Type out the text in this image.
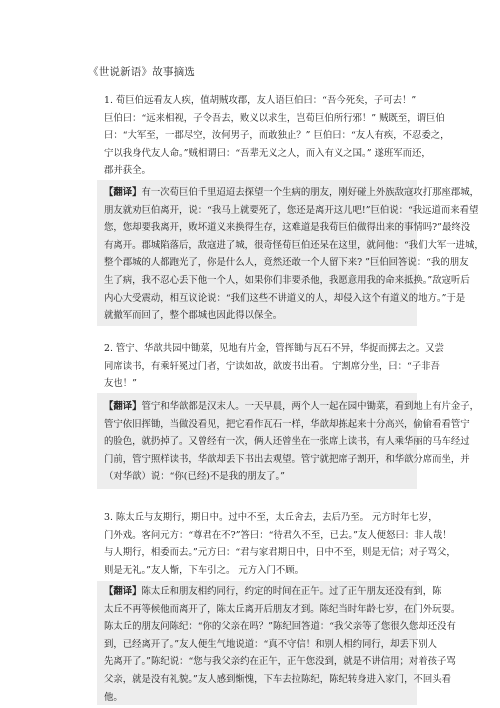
《世说新语》故事摘选
1. 荀巨伯远看友人疾，值胡贼攻郡，友人语巨伯曰：“吾今死矣，子可去！”
巨伯曰：“远来相视，子令吾去，败义以求生，岂荀巨伯所行邪！” 贼既至，谓巨伯
曰：“大军至，一郡尽空，汝何男子，而敢独止？” 巨伯曰：“友人有疾，不忍委之，
宁以我身代友人命。”贼相谓曰：“吾辈无义之人，而入有义之国。” 遂班军而还，
郡并获全。
【翻译】有一次荀巨伯千里迢迢去探望一个生病的朋友，刚好碰上外族敌寇攻打那座郡城，
朋友就劝巨伯离开，说：“我马上就要死了，您还是离开这儿吧!”巨伯说：“我远道而来看望
您，您却要我离开，败坏道义来换得生存，这难道是我荀巨伯做得出来的事情吗?”最终没
有离开。郡城陷落后，敌寇进了城，很奇怪荀巨伯还呆在这里，就问他：“我们大军一进城，
整个郡城的人都跑光了，你是什么人，竟然还敢一个人留下来? ”巨伯回答说：“我的朋友
生了病，我不忍心丢下他一个人，如果你们非要杀他，我愿意用我的命来抵换。”敌寇听后
内心大受震动，相互议论说：“我们这些不讲道义的人，却侵入这个有道义的地方。”于是
就撤军而回了，整个郡城也因此得以保全。
2. 管宁、华歆共园中锄菜，见地有片金，管挥锄与瓦石不异，华捉而掷去之。又尝
同席读书，有乘轩冕过门者，宁读如故，歆废书出看。 宁割席分坐，曰：“子非吾
友也！”
【翻译】管宁和华歆都是汉末人。一天早晨，两个人一起在园中锄菜，看到地上有片金子，
管宁依旧挥锄，当做没看见，把它看作瓦石一样，华歆却拣起来十分高兴，偷偷看看管宁
的脸色，就扔掉了。又曾经有一次，俩人还曾坐在一张席上读书，有人乘华丽的马车经过
门前，管宁照样读书，华歆却丢下书出去观望。管宁就把席子割开，和华歆分席而坐，并
（对华歆）说：“你(已经)不是我的朋友了。”
3. 陈太丘与友期行，期日中。过中不至，太丘舍去，去后乃至。 元方时年七岁，
门外戏。客问元方：“尊君在不?”答曰：“待君久不至，已去。”友人便怒曰：非人哉！
与人期行，相委而去。”元方曰：“君与家君期日中，日中不至，则是无信；对子骂父，
则是无礼。”友人惭，下车引之。 元方入门不顾。
【翻译】陈太丘和朋友相约同行，约定的时间在正午。过了正午朋友还没有到，陈
太丘不再等候他而离开了，陈太丘离开后朋友才到。陈纪当时年龄七岁，在门外玩耍。
陈太丘的朋友问陈纪：“你的父亲在吗？”陈纪回答道：“我父亲等了您很久您却还没有
到，已经离开了。”友人便生气地说道：“真不守信！和别人相约同行，却丢下别人
先离开了。”陈纪说：“您与我父亲约在正午，正午您没到，就是不讲信用；对着孩子骂
父亲，就是没有礼貌。”友人感到惭愧，下车去拉陈纪，陈纪转身进入家门，不回头看
他。
